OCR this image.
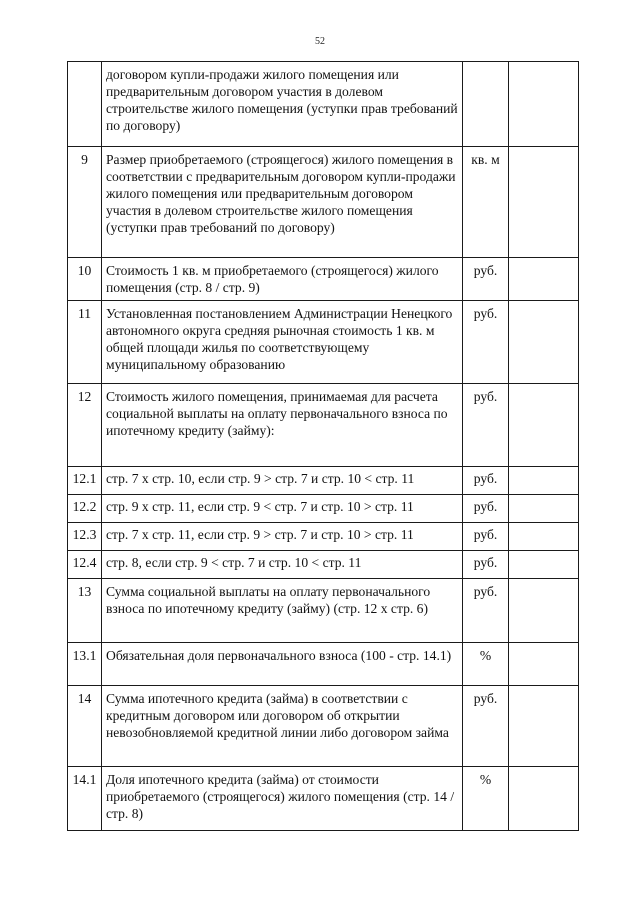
52
	договором купли-продажи жилого помещения или предварительным договором участия в долевом строительстве жилого помещения (уступки прав требований по договору)		
9	Размер приобретаемого (строящегося) жилого помещения в соответствии с предварительным договором купли-продажи жилого помещения или предварительным договором участия в долевом строительстве жилого помещения (уступки прав требований по договору)	кв. м	
10	Стоимость 1 кв. м приобретаемого (строящегося) жилого помещения (стр. 8 / стр. 9)	руб.	
11	Установленная постановлением Администрации Ненецкого автономного округа средняя рыночная стоимость 1 кв. м общей площади жилья по соответствующему муниципальному образованию	руб.	
12	Стоимость жилого помещения, принимаемая для расчета социальной выплаты на оплату первоначального взноса по ипотечному кредиту (займу):	руб.	
12.1	стр. 7 х стр. 10, если стр. 9 > стр. 7 и стр. 10 < стр. 11	руб.	
12.2	стр. 9 х стр. 11, если стр. 9 < стр. 7 и стр. 10 > стр. 11	руб.	
12.3	стр. 7 х стр. 11, если стр. 9 > стр. 7 и стр. 10 > стр. 11	руб.	
12.4	стр. 8, если стр. 9 < стр. 7 и стр. 10 < стр. 11	руб.	
13	Сумма социальной выплаты на оплату первоначального взноса по ипотечному кредиту (займу) (стр. 12 х стр. 6)	руб.	
13.1	Обязательная доля первоначального взноса (100 - стр. 14.1)	%	
14	Сумма ипотечного кредита (займа) в соответствии с кредитным договором или договором об открытии невозобновляемой кредитной линии либо договором займа	руб.	
14.1	Доля ипотечного кредита (займа) от стоимости приобретаемого (строящегося) жилого помещения (стр. 14 / стр. 8)	%	
